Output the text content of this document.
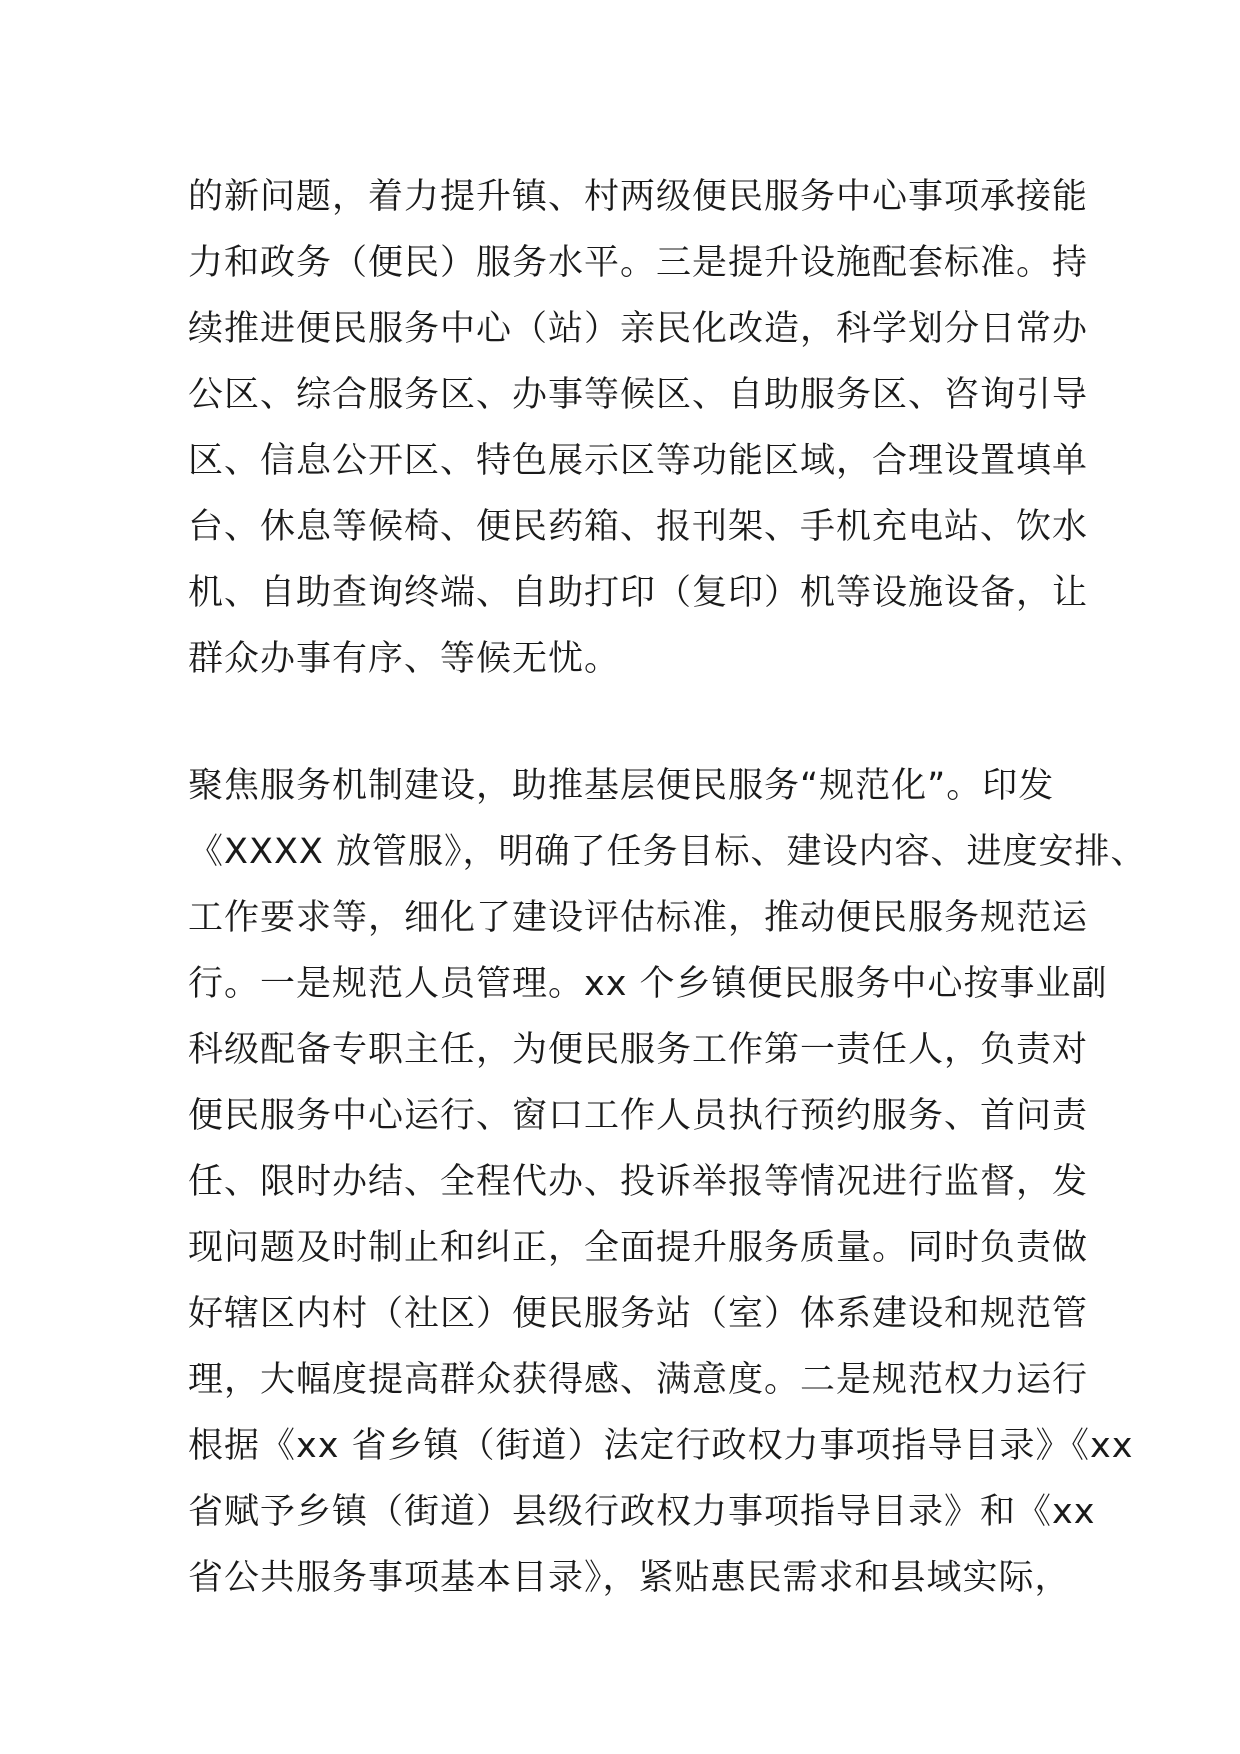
的新问题，着力提升镇、村两级便民服务中心事项承接能
力和政务（便民）服务水平。三是提升设施配套标准。持
续推进便民服务中心（站）亲民化改造，科学划分日常办
公区、综合服务区、办事等候区、自助服务区、咨询引导
区、信息公开区、特色展示区等功能区域，合理设置填单
台、休息等候椅、便民药箱、报刊架、手机充电站、饮水
机、自助查询终端、自助打印（复印）机等设施设备，让
群众办事有序、等候无忧。
聚焦服务机制建设，助推基层便民服务“规范化”。印发
《XXXX 放管服》，明确了任务目标、建设内容、进度安排、
工作要求等，细化了建设评估标准，推动便民服务规范运
行。一是规范人员管理。xx 个乡镇便民服务中心按事业副
科级配备专职主任，为便民服务工作第一责任人，负责对
便民服务中心运行、窗口工作人员执行预约服务、首问责
任、限时办结、全程代办、投诉举报等情况进行监督，发
现问题及时制止和纠正，全面提升服务质量。同时负责做
好辖区内村（社区）便民服务站（室）体系建设和规范管
理，大幅度提高群众获得感、满意度。二是规范权力运行
根据《xx 省乡镇（街道）法定行政权力事项指导目录》《xx
省赋予乡镇（街道）县级行政权力事项指导目录》和《xx
省公共服务事项基本目录》，紧贴惠民需求和县域实际，
